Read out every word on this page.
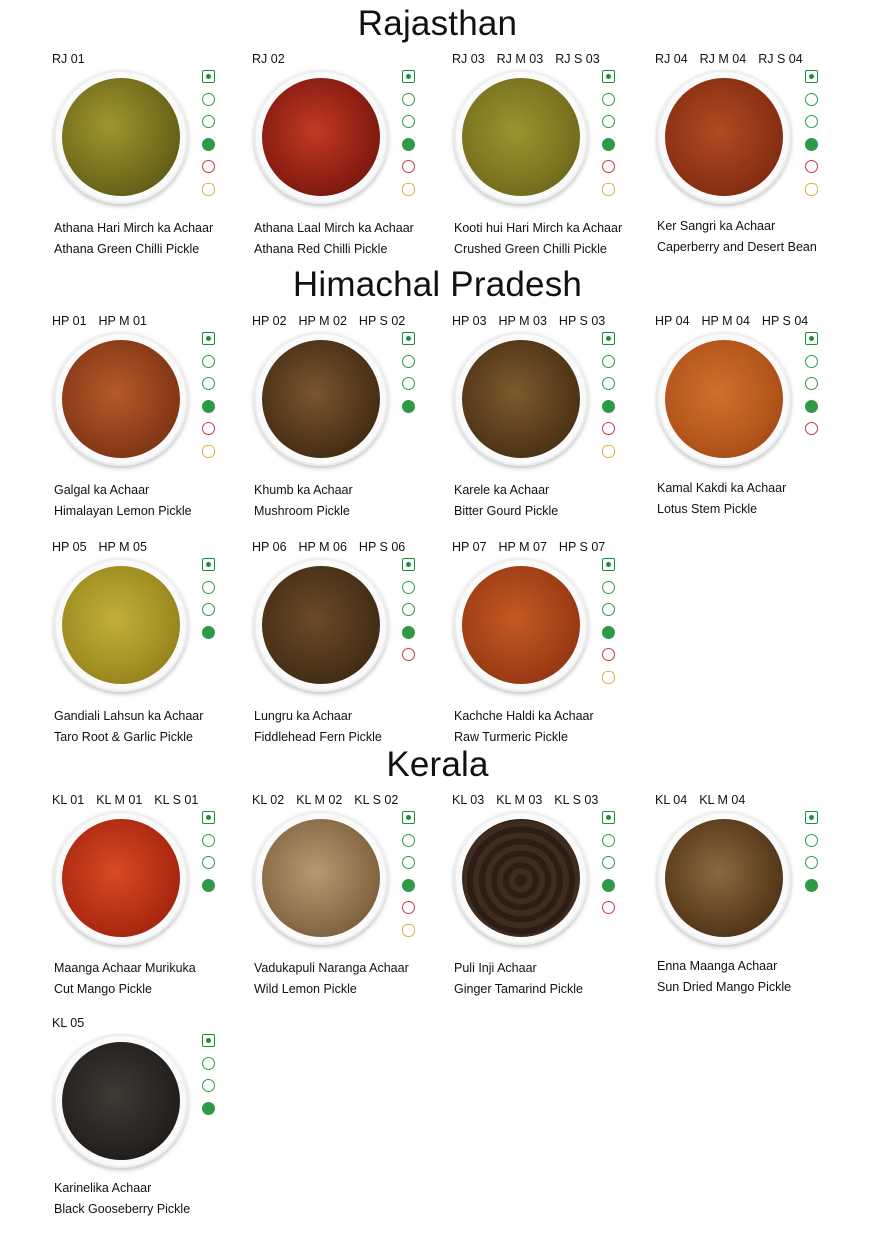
Rajasthan
Himachal Pradesh
Kerala
RJ 01
Athana Hari Mirch ka Achaar
Athana Green Chilli Pickle
RJ 02
Athana Laal Mirch ka Achaar
Athana Red Chilli Pickle
RJ 03 RJ M 03 RJ S 03
Kooti hui Hari Mirch ka Achaar
Crushed Green Chilli Pickle
RJ 04 RJ M 04 RJ S 04
Ker Sangri ka Achaar
Caperberry and Desert Bean
HP 01 HP M 01
Galgal ka Achaar
Himalayan Lemon Pickle
HP 02 HP M 02 HP S 02
Khumb ka Achaar
Mushroom Pickle
HP 03 HP M 03 HP S 03
Karele ka Achaar
Bitter Gourd Pickle
HP 04 HP M 04 HP S 04
Kamal Kakdi ka Achaar
Lotus Stem Pickle
HP 05 HP M 05
Gandiali Lahsun ka Achaar
Taro Root & Garlic Pickle
HP 06 HP M 06 HP S 06
Lungru ka Achaar
Fiddlehead Fern Pickle
HP 07 HP M 07 HP S 07
Kachche Haldi ka Achaar
Raw Turmeric Pickle
KL 01 KL M 01 KL S 01
Maanga Achaar Murikuka
Cut Mango Pickle
KL 02 KL M 02 KL S 02
Vadukapuli Naranga Achaar
Wild Lemon Pickle
KL 03 KL M 03 KL S 03
Puli Inji Achaar
Ginger Tamarind Pickle
KL 04 KL M 04
Enna Maanga Achaar
Sun Dried Mango Pickle
KL 05
Karinelika Achaar
Black Gooseberry Pickle
